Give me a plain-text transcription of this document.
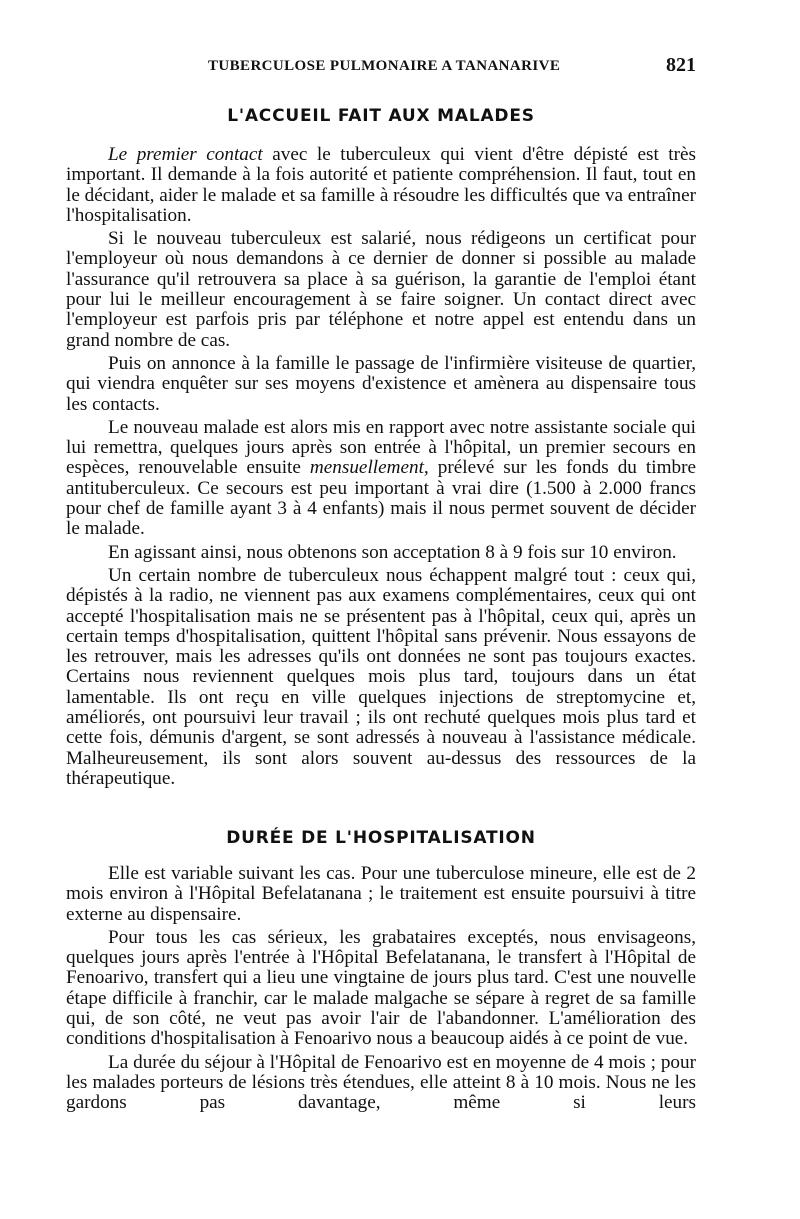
TUBERCULOSE PULMONAIRE A TANANARIVE	821
L'ACCUEIL FAIT AUX MALADES

Le premier contact avec le tuberculeux qui vient d'être dépisté est très important. Il demande à la fois autorité et patiente compréhension. Il faut, tout en le décidant, aider le malade et sa famille à résoudre les difficultés que va entraîner l'hospitalisation.

Si le nouveau tuberculeux est salarié, nous rédigeons un certificat pour l'employeur où nous demandons à ce dernier de donner si possible au malade l'assurance qu'il retrouvera sa place à sa guérison, la garantie de l'emploi étant pour lui le meilleur encouragement à se faire soigner. Un contact direct avec l'employeur est parfois pris par téléphone et notre appel est entendu dans un grand nombre de cas.

Puis on annonce à la famille le passage de l'infirmière visiteuse de quartier, qui viendra enquêter sur ses moyens d'existence et amènera au dispensaire tous les contacts.

Le nouveau malade est alors mis en rapport avec notre assistante sociale qui lui remettra, quelques jours après son entrée à l'hôpital, un premier secours en espèces, renouvelable ensuite mensuellement, prélevé sur les fonds du timbre antituberculeux. Ce secours est peu important à vrai dire (1.500 à 2.000 francs pour chef de famille ayant 3 à 4 enfants) mais il nous permet souvent de décider le malade.

En agissant ainsi, nous obtenons son acceptation 8 à 9 fois sur 10 environ.

Un certain nombre de tuberculeux nous échappent malgré tout : ceux qui, dépistés à la radio, ne viennent pas aux examens complémentaires, ceux qui ont accepté l'hospitalisation mais ne se présentent pas à l'hôpital, ceux qui, après un certain temps d'hospitalisation, quittent l'hôpital sans prévenir. Nous essayons de les retrouver, mais les adresses qu'ils ont données ne sont pas toujours exactes. Certains nous reviennent quelques mois plus tard, toujours dans un état lamentable. Ils ont reçu en ville quelques injections de streptomycine et, améliorés, ont poursuivi leur travail ; ils ont rechuté quelques mois plus tard et cette fois, démunis d'argent, se sont adressés à nouveau à l'assistance médicale. Malheureusement, ils sont alors souvent au-dessus des ressources de la thérapeutique.

DURÉE DE L'HOSPITALISATION

Elle est variable suivant les cas. Pour une tuberculose mineure, elle est de 2 mois environ à l'Hôpital Befelatanana ; le traitement est ensuite poursuivi à titre externe au dispensaire.

Pour tous les cas sérieux, les grabataires exceptés, nous envisageons, quelques jours après l'entrée à l'Hôpital Befelatanana, le transfert à l'Hôpital de Fenoarivo, transfert qui a lieu une vingtaine de jours plus tard. C'est une nouvelle étape difficile à franchir, car le malade malgache se sépare à regret de sa famille qui, de son côté, ne veut pas avoir l'air de l'abandonner. L'amélioration des conditions d'hospitalisation à Fenoarivo nous a beaucoup aidés à ce point de vue.

La durée du séjour à l'Hôpital de Fenoarivo est en moyenne de 4 mois ; pour les malades porteurs de lésions très étendues, elle atteint 8 à 10 mois. Nous ne les gardons pas davantage, même si leurs
